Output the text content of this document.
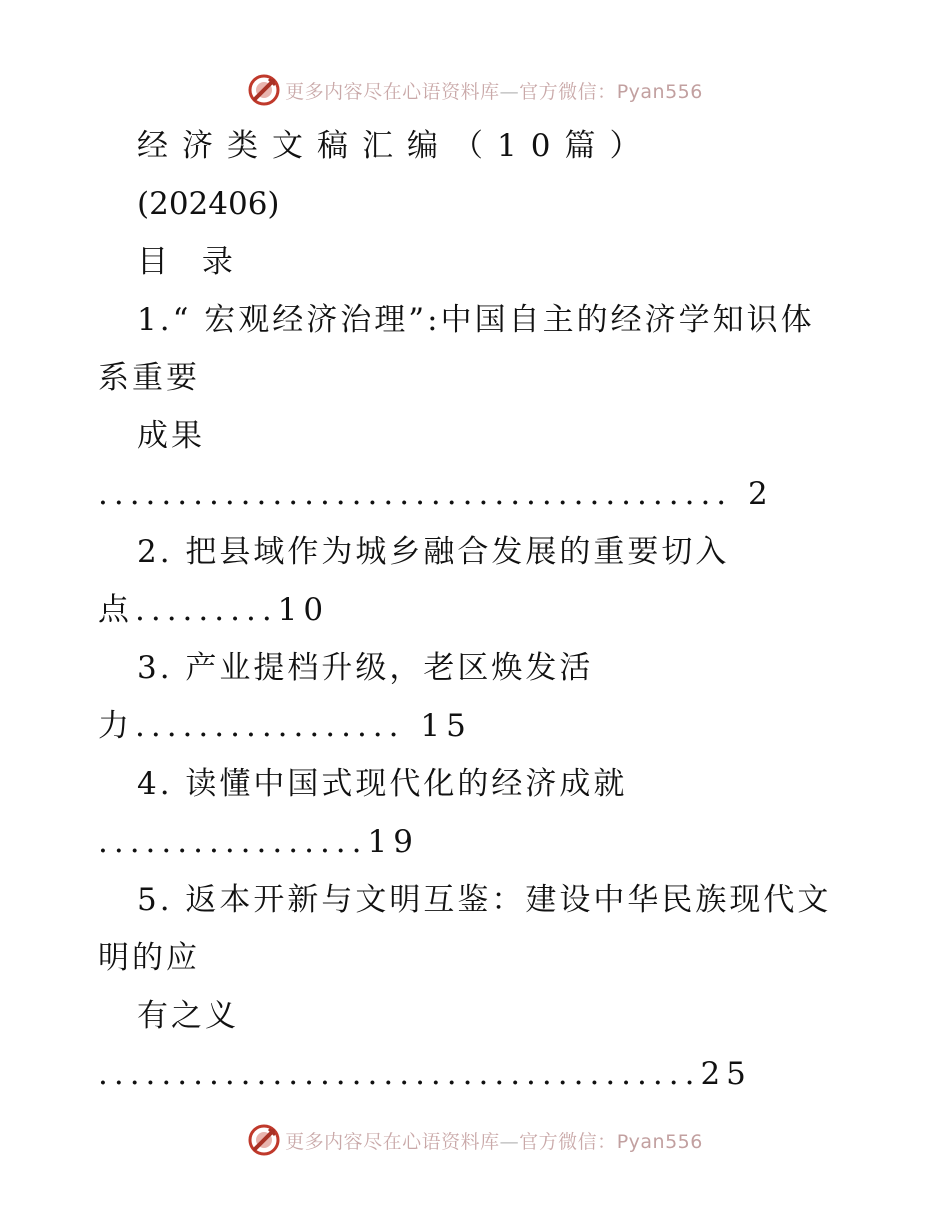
更多内容尽在心语资料库—官方微信：Pyan556
经济类文稿汇编（10篇）
(202406)
目 录
1.“ 宏观经济治理”:中国自主的经济学知识体
系重要
成果
........................................ 2
2. 把县域作为城乡融合发展的重要切入
点.........10
3. 产业提档升级，老区焕发活
力................. 15
4. 读懂中国式现代化的经济成就
.................19
5. 返本开新与文明互鉴：建设中华民族现代文
明的应
有之义
......................................25
更多内容尽在心语资料库—官方微信：Pyan556
